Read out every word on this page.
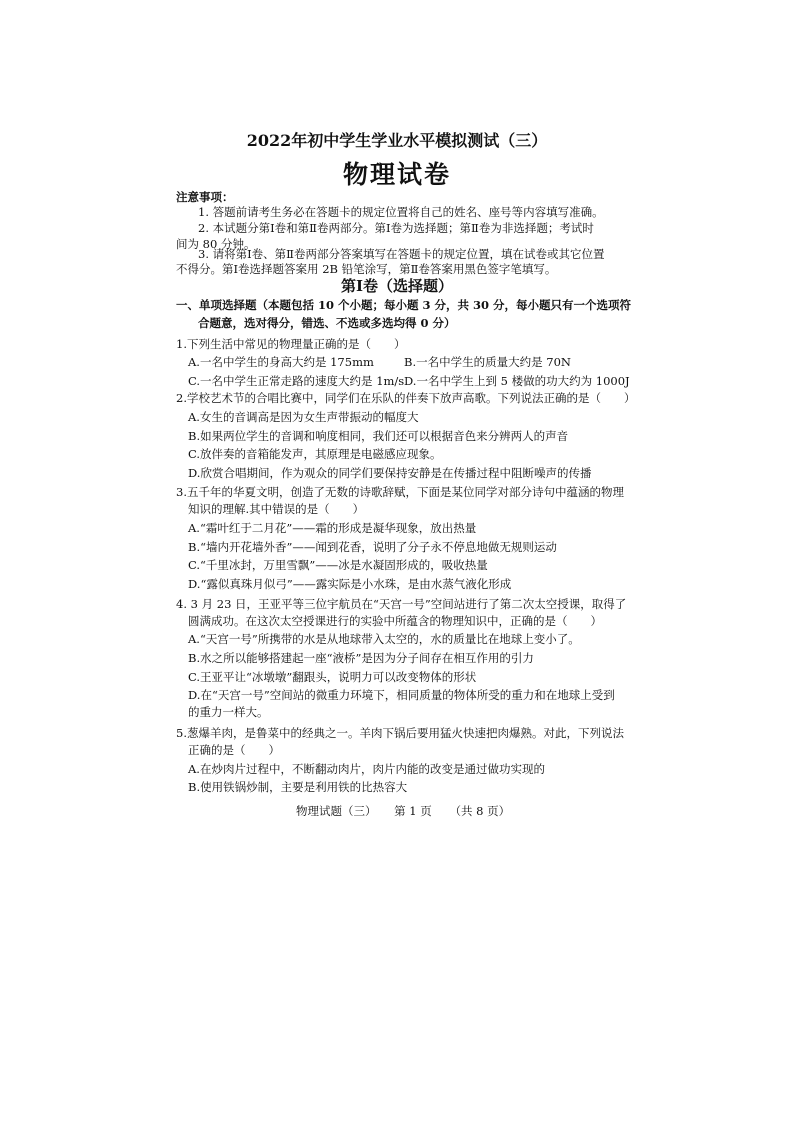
2022年初中学生学业水平模拟测试（三）
物理试卷
注意事项：
1. 答题前请考生务必在答题卡的规定位置将自己的姓名、座号等内容填写准确。
2. 本试题分第Ⅰ卷和第Ⅱ卷两部分。第Ⅰ卷为选择题；第Ⅱ卷为非选择题；考试时
间为 80 分钟。
3. 请将第Ⅰ卷、第Ⅱ卷两部分答案填写在答题卡的规定位置，填在试卷或其它位置
不得分。第Ⅰ卷选择题答案用 2B 铅笔涂写，第Ⅱ卷答案用黑色签字笔填写。
第Ⅰ卷（选择题）
一、单项选择题（本题包括 10 个小题；每小题 3 分，共 30 分，每小题只有一个选项符
合题意，选对得分，错选、不选或多选均得 0 分）
1.下列生活中常见的物理量正确的是（　　）
A.一名中学生的身高大约是 175mm	B.一名中学生的质量大约是 70N
C.一名中学生正常走路的速度大约是 1m/s D.一名中学生上到 5 楼做的功大约为 1000J
2.学校艺术节的合唱比赛中，同学们在乐队的伴奏下放声高歌。下列说法正确的是（　　）
A.女生的音调高是因为女生声带振动的幅度大
B.如果两位学生的音调和响度相同，我们还可以根据音色来分辨两人的声音
C.放伴奏的音箱能发声，其原理是电磁感应现象。
D.欣赏合唱期间，作为观众的同学们要保持安静是在传播过程中阻断噪声的传播
3.五千年的华夏文明，创造了无数的诗歌辞赋，下面是某位同学对部分诗句中蕴涵的物理
知识的理解.其中错误的是（　　）
A.“霜叶红于二月花”——霜的形成是凝华现象，放出热量
B.“墙内开花墙外香”——闻到花香，说明了分子永不停息地做无规则运动
C.“千里冰封，万里雪飘”——冰是水凝固形成的，吸收热量
D.“露似真珠月似弓”——露实际是小水珠，是由水蒸气液化形成
4. 3 月 23 日，王亚平等三位宇航员在“天宫一号”空间站进行了第二次太空授课，取得了
圆满成功。在这次太空授课进行的实验中所蕴含的物理知识中，正确的是（　　）
A.“天宫一号”所携带的水是从地球带入太空的，水的质量比在地球上变小了。
B.水之所以能够搭建起一座“液桥”是因为分子间存在相互作用的引力
C.王亚平让“冰墩墩”翻跟头，说明力可以改变物体的形状
D.在“天宫一号”空间站的微重力环境下，相同质量的物体所受的重力和在地球上受到
的重力一样大。
5.葱爆羊肉，是鲁菜中的经典之一。羊肉下锅后要用猛火快速把肉爆熟。对此，下列说法
正确的是（　　）
A.在炒肉片过程中，不断翻动肉片，肉片内能的改变是通过做功实现的
B.使用铁锅炒制，主要是利用铁的比热容大
物理试题（三） 第 1 页 （共 8 页）
